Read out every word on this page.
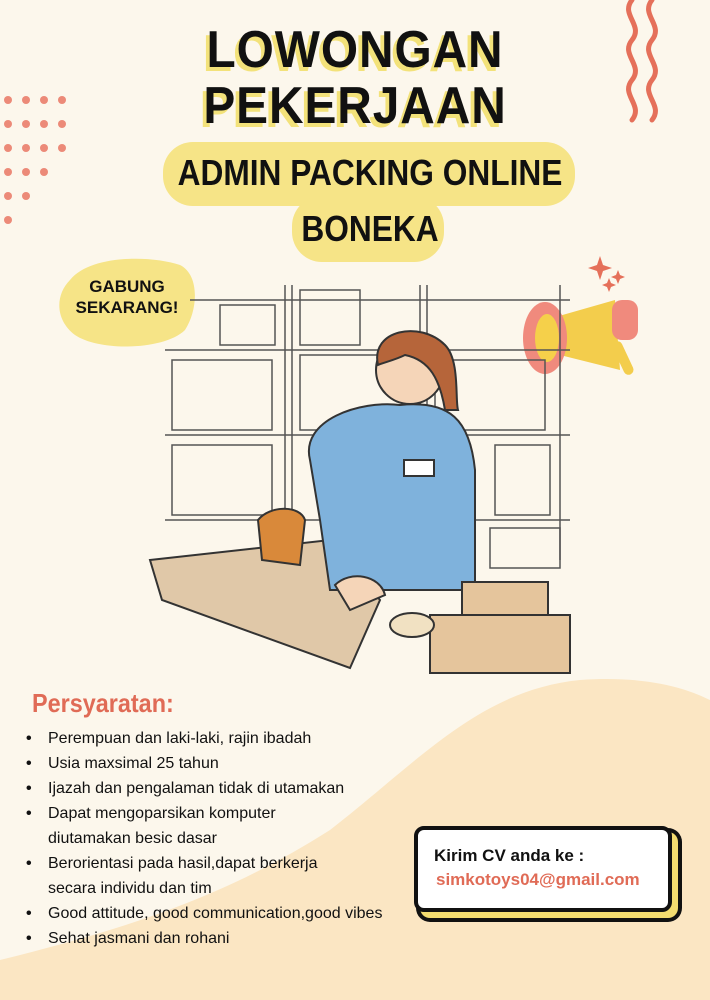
LOWONGAN
PEKERJAAN
ADMIN PACKING ONLINE
BONEKA
GABUNG
SEKARANG!
Persyaratan:
• Perempuan dan laki-laki, rajin ibadah
• Usia maxsimal 25 tahun
• Ijazah dan pengalaman tidak di utamakan
• Dapat mengoparsikan komputer diutamakan besic dasar
• Berorientasi pada hasil,dapat berkerja secara individu dan tim
• Good attitude, good communication,good vibes
• Sehat jasmani dan rohani
Kirim CV anda ke :
simkotoys04@gmail.com
